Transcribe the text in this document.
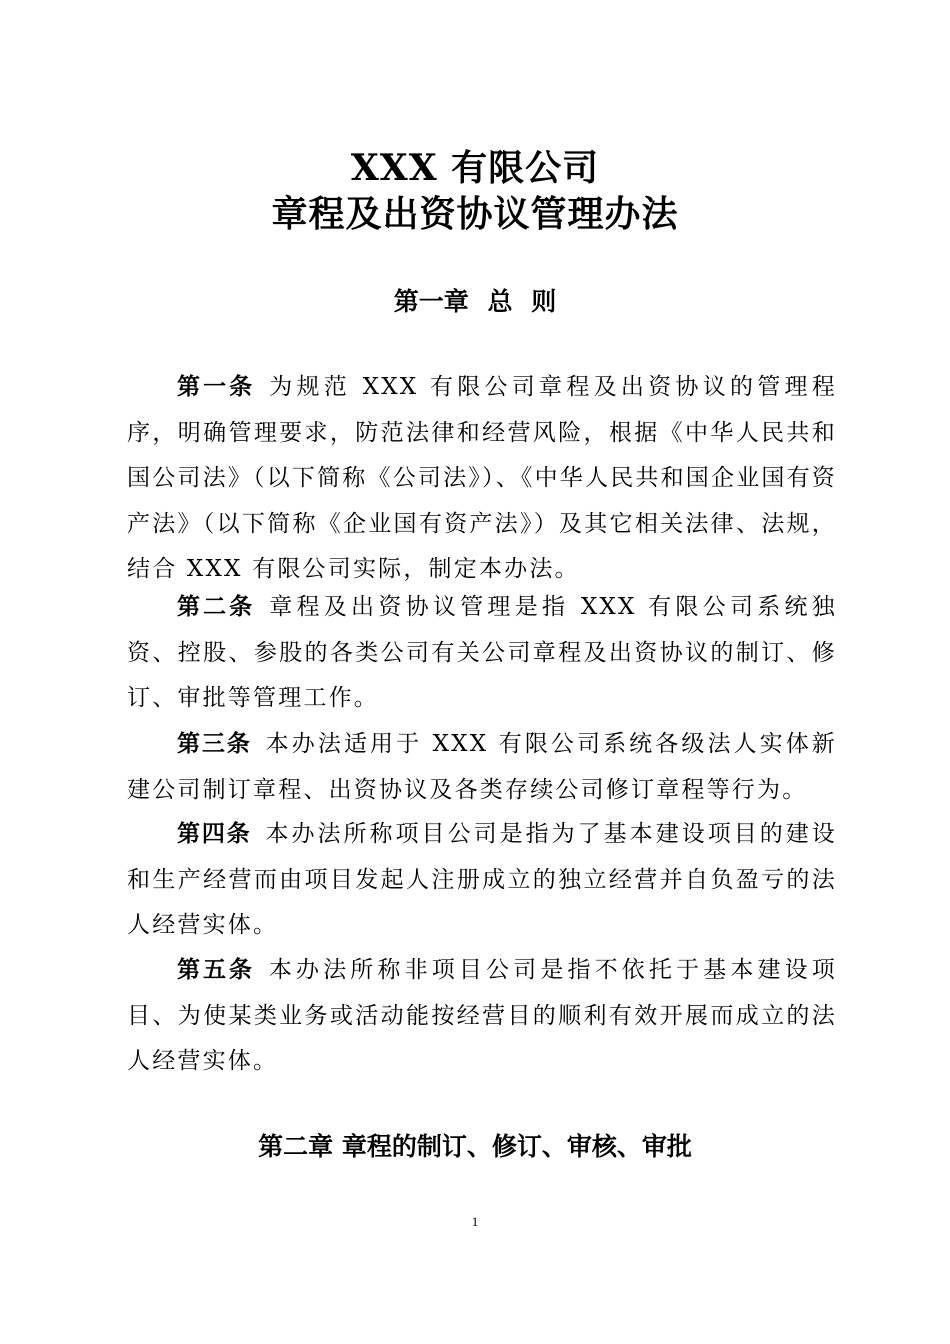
XXX 有限公司
章程及出资协议管理办法
第一章 总 则

第一条 为规范 XXX 有限公司章程及出资协议的管理程序，明确管理要求，防范法律和经营风险，根据《中华人民共和国公司法》（以下简称《公司法》）、《中华人民共和国企业国有资产法》（以下简称《企业国有资产法》）及其它相关法律、法规，结合 XXX 有限公司实际，制定本办法。

第二条 章程及出资协议管理是指 XXX 有限公司系统独资、控股、参股的各类公司有关公司章程及出资协议的制订、修订、审批等管理工作。

第三条 本办法适用于 XXX 有限公司系统各级法人实体新建公司制订章程、出资协议及各类存续公司修订章程等行为。

第四条 本办法所称项目公司是指为了基本建设项目的建设和生产经营而由项目发起人注册成立的独立经营并自负盈亏的法人经营实体。

第五条 本办法所称非项目公司是指不依托于基本建设项目、为使某类业务或活动能按经营目的顺利有效开展而成立的法人经营实体。

第二章 章程的制订、修订、审核、审批
1
